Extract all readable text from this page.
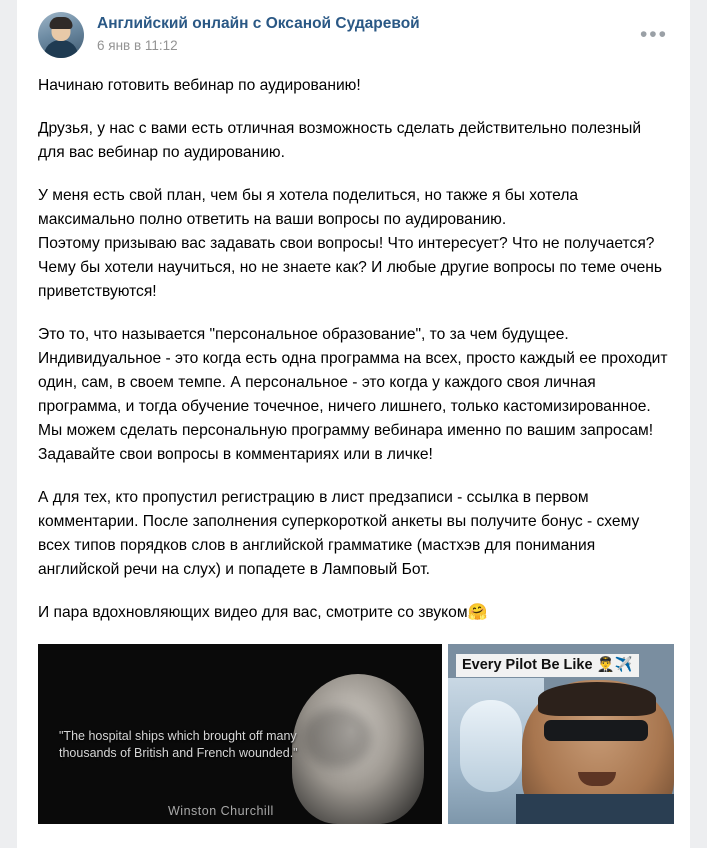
Английский онлайн с Оксаной Сударевой
6 янв в 11:12	•••

Начинаю готовить вебинар по аудированию!

Друзья, у нас с вами есть отличная возможность сделать действительно полезный для вас вебинар по аудированию.

У меня есть свой план, чем бы я хотела поделиться, но также я бы хотела максимально полно ответить на ваши вопросы по аудированию.

Поэтому призываю вас задавать свои вопросы! Что интересует? Что не получается? Чему бы хотели научиться, но не знаете как? И любые другие вопросы по теме очень приветствуются!

Это то, что называется "персональное образование", то за чем будущее. Индивидуальное - это когда есть одна программа на всех, просто каждый ее проходит один, сам, в своем темпе. А персональное - это когда у каждого своя личная программа, и тогда обучение точечное, ничего лишнего, только кастомизированное. Мы можем сделать персональную программу вебинара именно по вашим запросам!

Задавайте свои вопросы в комментариях или в личке!

А для тех, кто пропустил регистрацию в лист предзаписи - ссылка в первом комментарии. После заполнения суперкороткой анкеты вы получите бонус - схему всех типов порядков слов в английской грамматике (мастхэв для понимания английской речи на слух) и попадете в Ламповый Бот.

И пара вдохновляющих видео для вас, смотрите со звуком🤗

"The hospital ships which brought off many thousands of British and French wounded."
Winston Churchill
Every Pilot Be Like 👨‍✈️✈️
